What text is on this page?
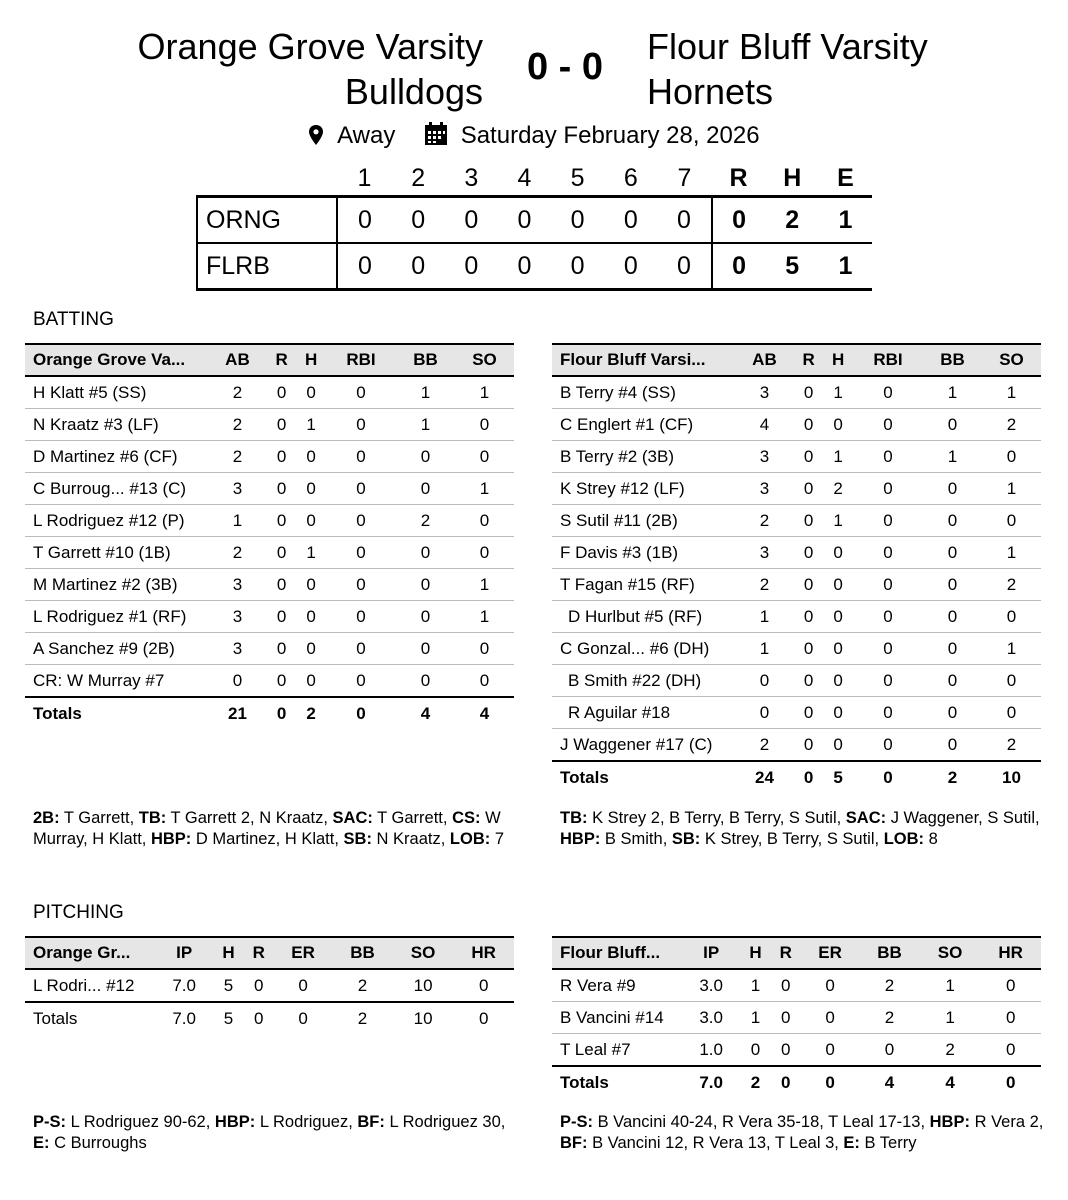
Orange Grove Varsity
Bulldogs
0 - 0	Flour Bluff Varsity
Hornets
Away	Saturday February 28, 2026
	1	2	3	4	5	6	7	R	H	E
ORNG	0	0	0	0	0	0	0	0	2	1
FLRB	0	0	0	0	0	0	0	0	5	1
BATTING
Orange Grove Va...	AB	R	H	RBI	BB	SO
H Klatt #5 (SS)	2	0	0	0	1	1
N Kraatz #3 (LF)	2	0	1	0	1	0
D Martinez #6 (CF)	2	0	0	0	0	0
C Burroug... #13 (C)	3	0	0	0	0	1
L Rodriguez #12 (P)	1	0	0	0	2	0
T Garrett #10 (1B)	2	0	1	0	0	0
M Martinez #2 (3B)	3	0	0	0	0	1
L Rodriguez #1 (RF)	3	0	0	0	0	1
A Sanchez #9 (2B)	3	0	0	0	0	0
CR: W Murray #7	0	0	0	0	0	0
Totals	21	0	2	0	4	4
Flour Bluff Varsi...	AB	R	H	RBI	BB	SO
B Terry #4 (SS)	3	0	1	0	1	1
C Englert #1 (CF)	4	0	0	0	0	2
B Terry #2 (3B)	3	0	1	0	1	0
K Strey #12 (LF)	3	0	2	0	0	1
S Sutil #11 (2B)	2	0	1	0	0	0
F Davis #3 (1B)	3	0	0	0	0	1
T Fagan #15 (RF)	2	0	0	0	0	2
D Hurlbut #5 (RF)	1	0	0	0	0	0
C Gonzal... #6 (DH)	1	0	0	0	0	1
B Smith #22 (DH)	0	0	0	0	0	0
R Aguilar #18	0	0	0	0	0	0
J Waggener #17 (C)	2	0	0	0	0	2
Totals	24	0	5	0	2	10
2B: T Garrett, TB: T Garrett 2, N Kraatz, SAC: T Garrett, CS: W Murray, H Klatt, HBP: D Martinez, H Klatt, SB: N Kraatz, LOB: 7
TB: K Strey 2, B Terry, B Terry, S Sutil, SAC: J Waggener, S Sutil, HBP: B Smith, SB: K Strey, B Terry, S Sutil, LOB: 8
PITCHING
Orange Gr...	IP	H	R	ER	BB	SO	HR
L Rodri... #12	7.0	5	0	0	2	10	0
Totals	7.0	5	0	0	2	10	0
Flour Bluff...	IP	H	R	ER	BB	SO	HR
R Vera #9	3.0	1	0	0	2	1	0
B Vancini #14	3.0	1	0	0	2	1	0
T Leal #7	1.0	0	0	0	0	2	0
Totals	7.0	2	0	0	4	4	0
P-S: L Rodriguez 90-62, HBP: L Rodriguez, BF: L Rodriguez 30, E: C Burroughs
P-S: B Vancini 40-24, R Vera 35-18, T Leal 17-13, HBP: R Vera 2, BF: B Vancini 12, R Vera 13, T Leal 3, E: B Terry
